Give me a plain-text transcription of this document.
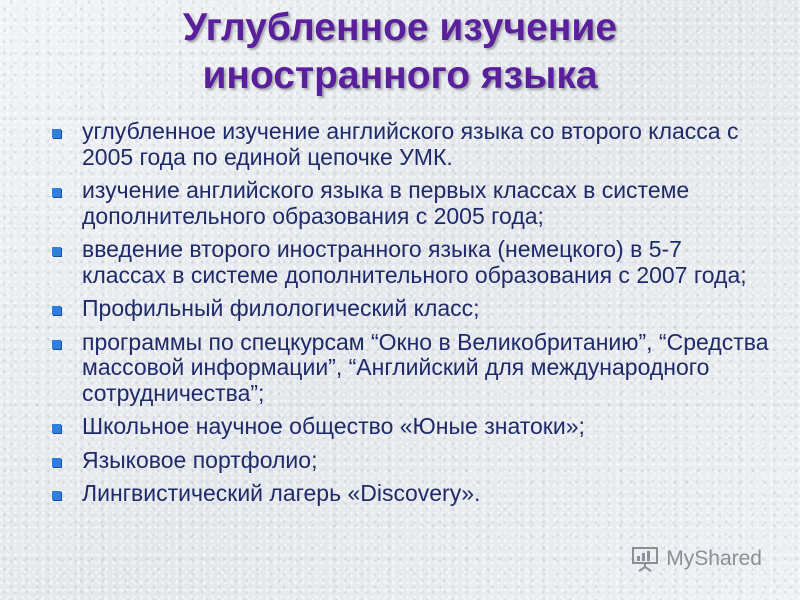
Углубленное изучение
иностранного языка
углубленное изучение английского языка со второго класса с 2005 года по единой цепочке УМК.
изучение английского языка в первых классах в системе дополнительного образования с 2005 года;
введение второго иностранного языка (немецкого) в 5-7 классах в системе дополнительного образования с 2007 года;
Профильный филологический класс;
программы по спецкурсам “Окно в Великобританию”, “Средства массовой информации”, “Английский для международного сотрудничества”;
Школьное научное общество «Юные знатоки»;
Языковое портфолио;
Лингвистический лагерь «Discovery».
MyShared
